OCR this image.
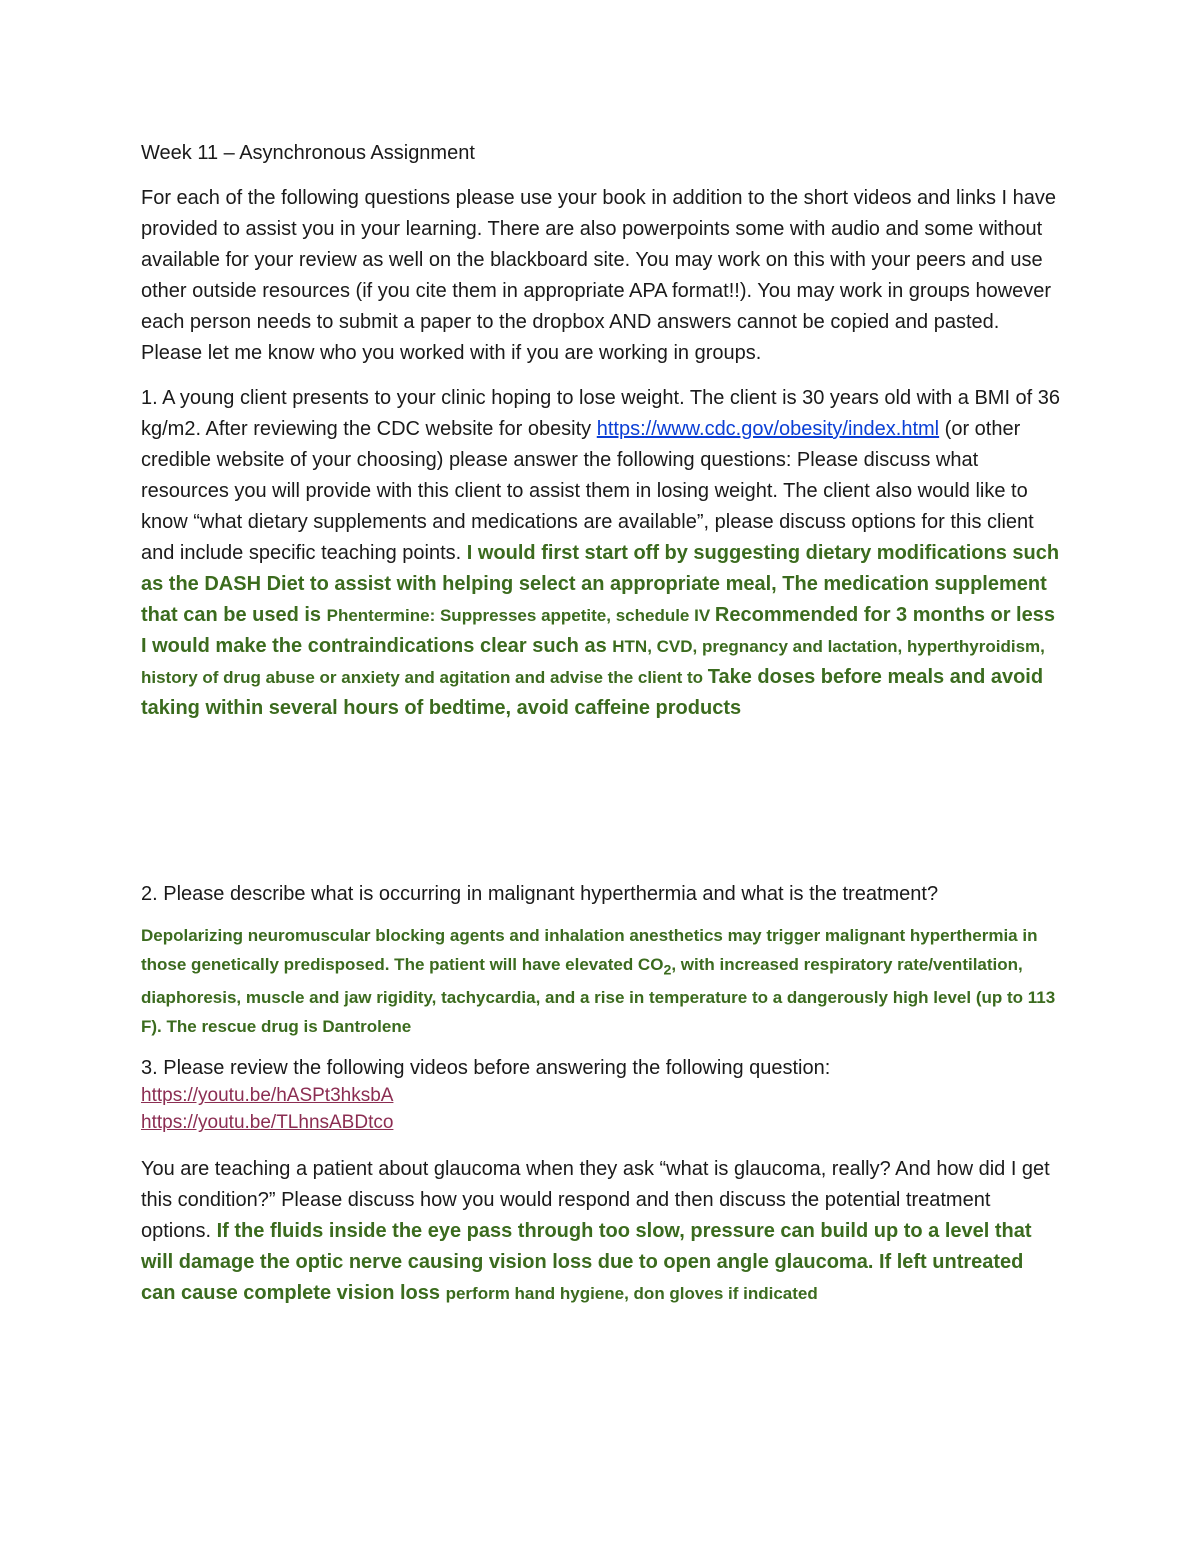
Week 11 – Asynchronous Assignment

For each of the following questions please use your book in addition to the short videos and links I have provided to assist you in your learning. There are also powerpoints some with audio and some without available for your review as well on the blackboard site. You may work on this with your peers and use other outside resources (if you cite them in appropriate APA format!!). You may work in groups however each person needs to submit a paper to the dropbox AND answers cannot be copied and pasted. Please let me know who you worked with if you are working in groups.

1. A young client presents to your clinic hoping to lose weight. The client is 30 years old with a BMI of 36 kg/m2. After reviewing the CDC website for obesity https://www.cdc.gov/obesity/index.html (or other credible website of your choosing) please answer the following questions: Please discuss what resources you will provide with this client to assist them in losing weight. The client also would like to know “what dietary supplements and medications are available”, please discuss options for this client and include specific teaching points. I would first start off by suggesting dietary modifications such as the DASH Diet to assist with helping select an appropriate meal, The medication supplement that can be used is Phentermine: Suppresses appetite, schedule IV Recommended for 3 months or less I would make the contraindications clear such as HTN, CVD, pregnancy and lactation, hyperthyroidism, history of drug abuse or anxiety and agitation and advise the client to Take doses before meals and avoid taking within several hours of bedtime, avoid caffeine products

2. Please describe what is occurring in malignant hyperthermia and what is the treatment?

Depolarizing neuromuscular blocking agents and inhalation anesthetics may trigger malignant hyperthermia in those genetically predisposed. The patient will have elevated $CO_2$, with increased respiratory rate/ventilation, diaphoresis, muscle and jaw rigidity, tachycardia, and a rise in temperature to a dangerously high level (up to 113 F). The rescue drug is Dantrolene

3. Please review the following videos before answering the following question:

https://youtu.be/hASPt3hksbA
https://youtu.be/TLhnsABDtco

You are teaching a patient about glaucoma when they ask “what is glaucoma, really? And how did I get this condition?” Please discuss how you would respond and then discuss the potential treatment options. If the fluids inside the eye pass through too slow, pressure can build up to a level that will damage the optic nerve causing vision loss due to open angle glaucoma. If left untreated can cause complete vision loss perform hand hygiene, don gloves if indicated
